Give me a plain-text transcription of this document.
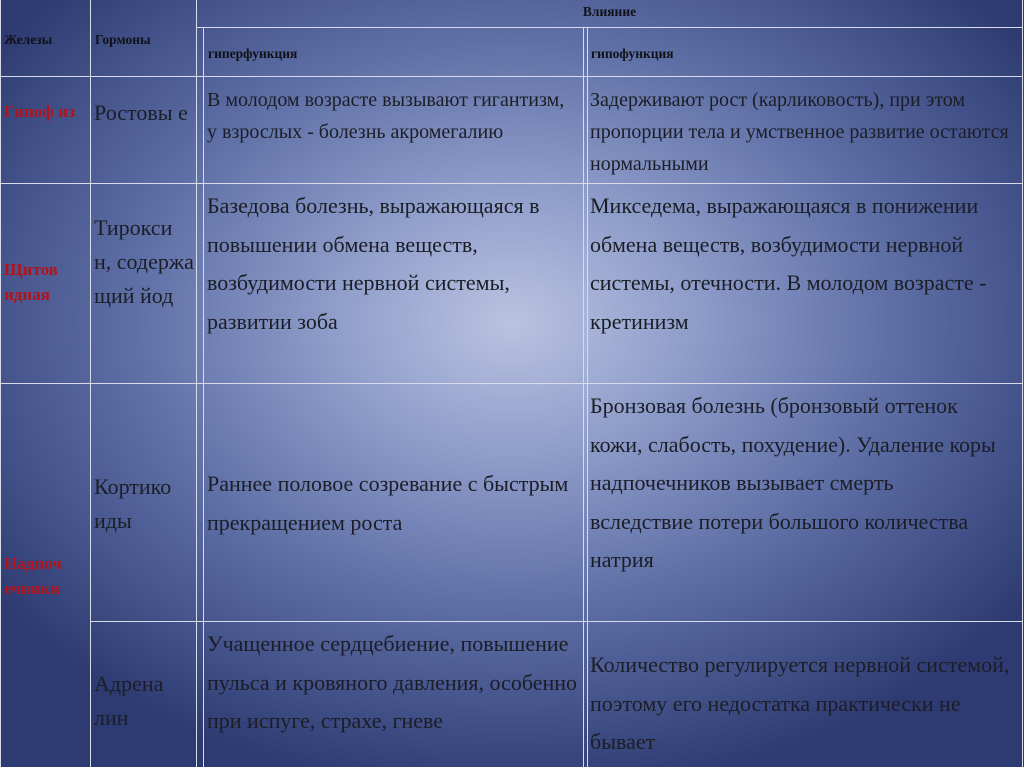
Железы	Гормоны
Влияние
гиперфункция	гипофункция
Гипоф из Ростовы е В молодом возрасте вызывают гигантизм, у взрослых - болезнь акромегалию
Задерживают рост (карликовость), при этом пропорции тела и умственное развитие остаются нормальными
Щитов идная
Тирокси н, содержа щий йод
Базедова болезнь, выражающаяся в повышении обмена веществ, возбудимости нервной системы, развитии зоба
Микседема, выражающаяся в понижении обмена веществ, возбудимости нервной системы, отечности. В молодом возрасте - кретинизм
Надпоч ечники
Кортико иды
Раннее половое созревание с быстрым прекращением роста
Бронзовая болезнь (бронзовый оттенок кожи, слабость, похудение). Удаление коры надпочечников вызывает смерть вследствие потери большого количества натрия
Адрена лин
Учащенное сердцебиение, повышение пульса и кровяного давления, особенно при испуге, страхе, гневе
Количество регулируется нервной системой, поэтому его недостатка практически не бывает
